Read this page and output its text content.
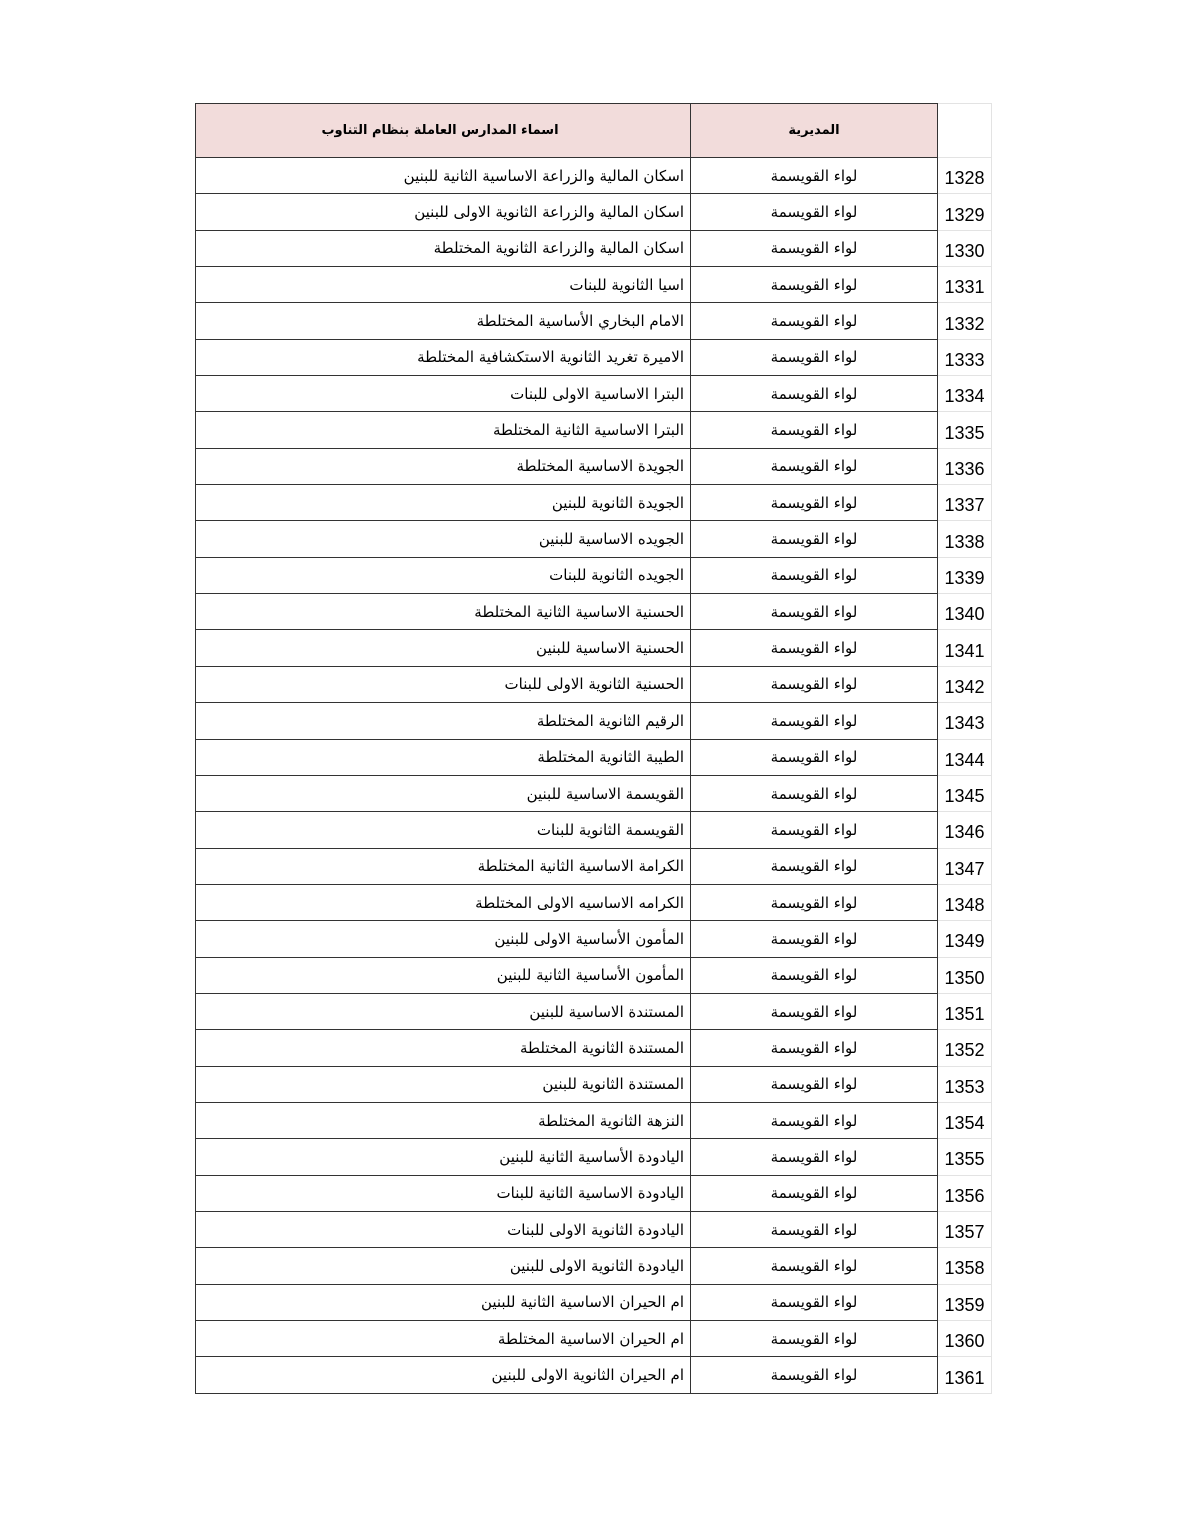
اسماء المدارس العاملة بنظام التناوب	المديرية	
اسكان المالية والزراعة الاساسية الثانية للبنين	لواء القويسمة	1328
اسكان المالية والزراعة الثانوية الاولى للبنين	لواء القويسمة	1329
اسكان المالية والزراعة الثانوية المختلطة	لواء القويسمة	1330
اسيا الثانوية للبنات	لواء القويسمة	1331
الامام البخاري الأساسية المختلطة	لواء القويسمة	1332
الاميرة تغريد الثانوية الاستكشافية المختلطة	لواء القويسمة	1333
البترا الاساسية الاولى للبنات	لواء القويسمة	1334
البترا الاساسية الثانية المختلطة	لواء القويسمة	1335
الجويدة الاساسية المختلطة	لواء القويسمة	1336
الجويدة الثانوية للبنين	لواء القويسمة	1337
الجويده الاساسية للبنين	لواء القويسمة	1338
الجويده الثانوية للبنات	لواء القويسمة	1339
الحسنية الاساسية الثانية المختلطة	لواء القويسمة	1340
الحسنية الاساسية للبنين	لواء القويسمة	1341
الحسنية الثانوية الاولى للبنات	لواء القويسمة	1342
الرقيم الثانوية المختلطة	لواء القويسمة	1343
الطيبة الثانوية المختلطة	لواء القويسمة	1344
القويسمة الاساسية للبنين	لواء القويسمة	1345
القويسمة الثانوية للبنات	لواء القويسمة	1346
الكرامة الاساسية الثانية المختلطة	لواء القويسمة	1347
الكرامه الاساسيه الاولى المختلطة	لواء القويسمة	1348
المأمون الأساسية الاولى للبنين	لواء القويسمة	1349
المأمون الأساسية الثانية للبنين	لواء القويسمة	1350
المستندة الاساسية للبنين	لواء القويسمة	1351
المستندة الثانوية المختلطة	لواء القويسمة	1352
المستندة الثانوية للبنين	لواء القويسمة	1353
النزهة الثانوية المختلطة	لواء القويسمة	1354
اليادودة الأساسية الثانية للبنين	لواء القويسمة	1355
اليادودة الاساسية الثانية للبنات	لواء القويسمة	1356
اليادودة الثانوية الاولى للبنات	لواء القويسمة	1357
اليادودة الثانوية الاولى للبنين	لواء القويسمة	1358
ام الحيران الاساسية الثانية للبنين	لواء القويسمة	1359
ام الحيران الاساسية المختلطة	لواء القويسمة	1360
ام الحيران الثانوية الاولى للبنين	لواء القويسمة	1361
